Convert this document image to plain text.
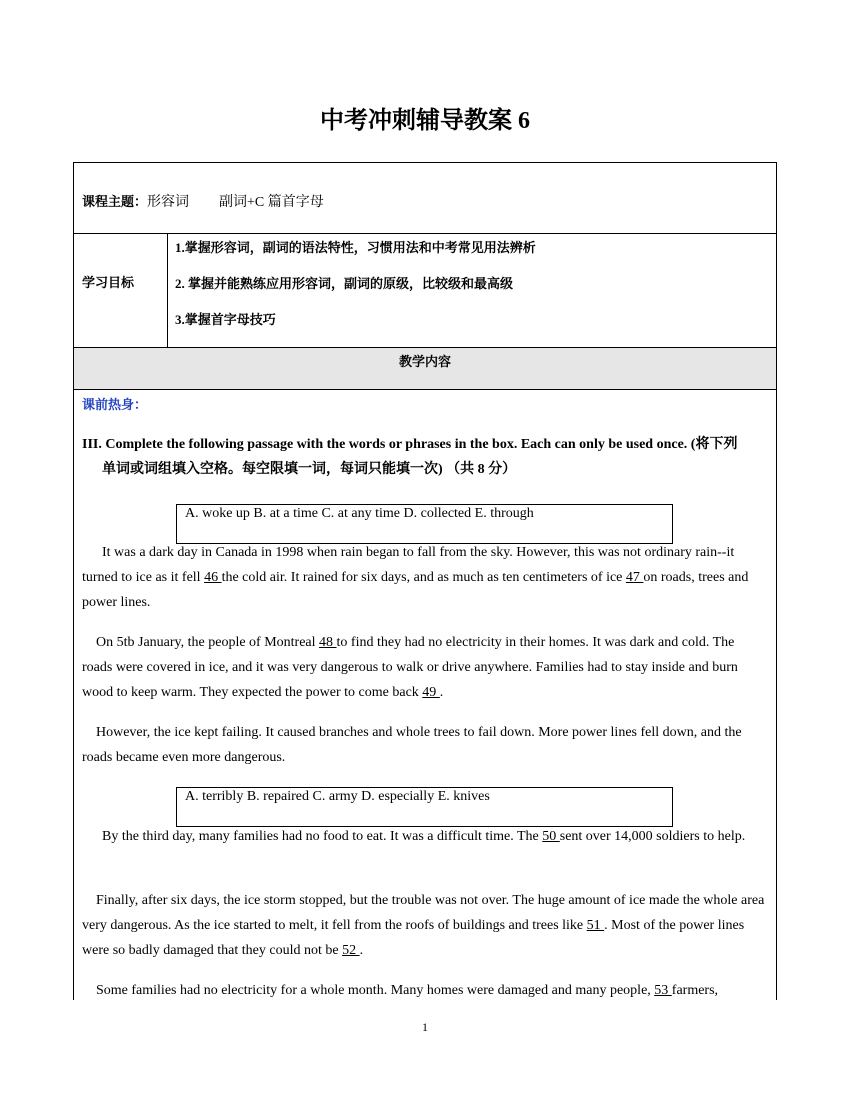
中考冲刺辅导教案 6
课程主题：形容词 副词+C 篇首字母
学习目标
1.掌握形容词，副词的语法特性，习惯用法和中考常见用法辨析
2. 掌握并能熟练应用形容词，副词的原级，比较级和最高级
3.掌握首字母技巧
教学内容
课前热身：
III. Complete the following passage with the words or phrases in the box. Each can only be used once. (将下列
单词或词组填入空格。每空限填一词，每词只能填一次) （共 8 分）
A. woke up B. at a time C. at any time D. collected E. through
It was a dark day in Canada in 1998 when rain began to fall from the sky. However, this was not ordinary rain--it turned to ice as it fell 46 the cold air. It rained for six days, and as much as ten centimeters of ice 47 on roads, trees and power lines.
On 5tb January, the people of Montreal 48 to find they had no electricity in their homes. It was dark and cold. The roads were covered in ice, and it was very dangerous to walk or drive anywhere. Families had to stay inside and burn wood to keep warm. They expected the power to come back 49 .
However, the ice kept failing. It caused branches and whole trees to fail down. More power lines fell down, and the roads became even more dangerous.
A. terribly B. repaired C. army D. especially E. knives
By the third day, many families had no food to eat. It was a difficult time. The 50 sent over 14,000 soldiers to help.
Finally, after six days, the ice storm stopped, but the trouble was not over. The huge amount of ice made the whole area very dangerous. As the ice started to melt, it fell from the roofs of buildings and trees like 51 . Most of the power lines were so badly damaged that they could not be 52 .
Some families had no electricity for a whole month. Many homes were damaged and many people, 53 farmers,
1
